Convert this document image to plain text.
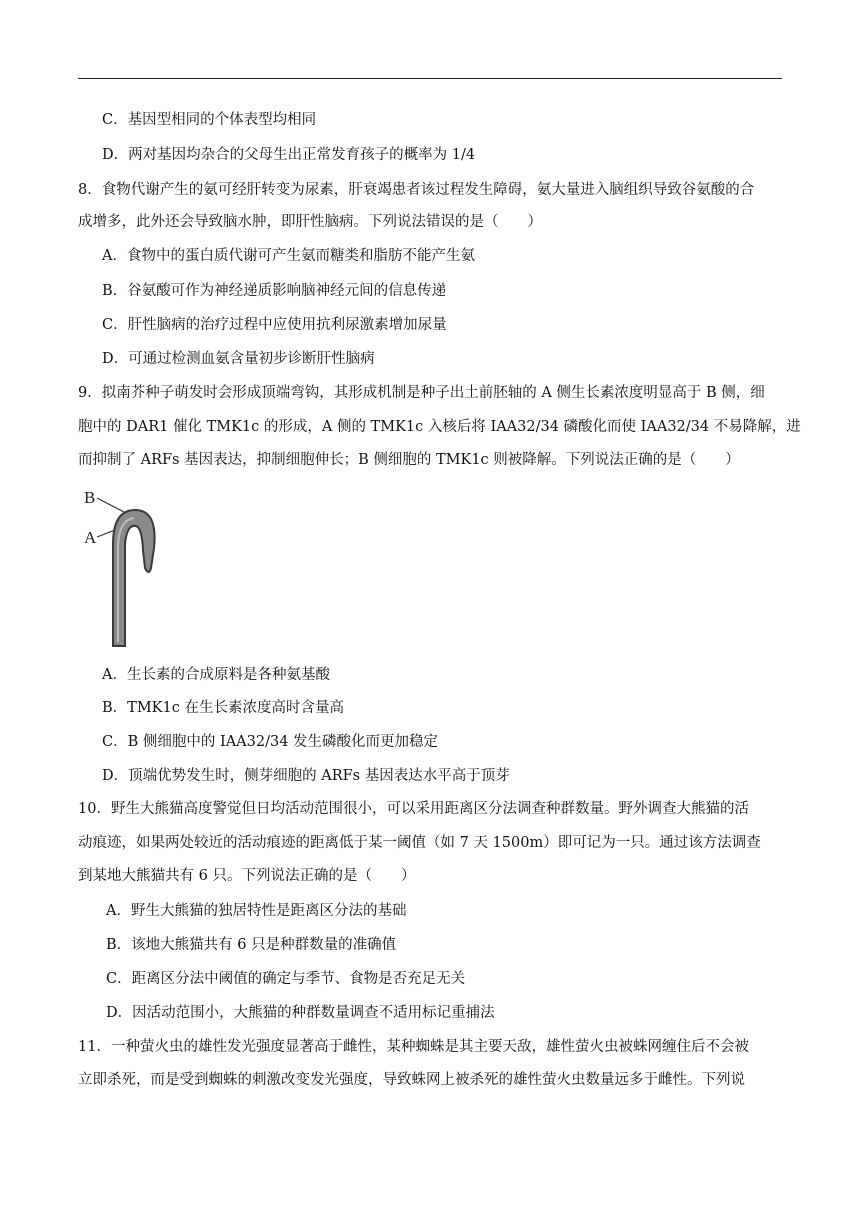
C．基因型相同的个体表型均相同
D．两对基因均杂合的父母生出正常发育孩子的概率为 1/4
8．食物代谢产生的氨可经肝转变为尿素，肝衰竭患者该过程发生障碍，氨大量进入脑组织导致谷氨酸的合
成增多，此外还会导致脑水肿，即肝性脑病。下列说法错误的是（　　）
A．食物中的蛋白质代谢可产生氨而糖类和脂肪不能产生氨
B．谷氨酸可作为神经递质影响脑神经元间的信息传递
C．肝性脑病的治疗过程中应使用抗利尿激素增加尿量
D．可通过检测血氨含量初步诊断肝性脑病
9．拟南芥种子萌发时会形成顶端弯钩，其形成机制是种子出土前胚轴的 A 侧生长素浓度明显高于 B 侧，细
胞中的 DAR1 催化 TMK1c 的形成，A 侧的 TMK1c 入核后将 IAA32/34 磷酸化而使 IAA32/34 不易降解，进
而抑制了 ARFs 基因表达，抑制细胞伸长；B 侧细胞的 TMK1c 则被降解。下列说法正确的是（　　）
B
A
A．生长素的合成原料是各种氨基酸
B．TMK1c 在生长素浓度高时含量高
C．B 侧细胞中的 IAA32/34 发生磷酸化而更加稳定
D．顶端优势发生时，侧芽细胞的 ARFs 基因表达水平高于顶芽
10．野生大熊猫高度警觉但日均活动范围很小，可以采用距离区分法调查种群数量。野外调查大熊猫的活
动痕迹，如果两处较近的活动痕迹的距离低于某一阈值（如 7 天 1500m）即可记为一只。通过该方法调查
到某地大熊猫共有 6 只。下列说法正确的是（　　）
A．野生大熊猫的独居特性是距离区分法的基础
B．该地大熊猫共有 6 只是种群数量的准确值
C．距离区分法中阈值的确定与季节、食物是否充足无关
D．因活动范围小，大熊猫的种群数量调查不适用标记重捕法
11．一种萤火虫的雄性发光强度显著高于雌性，某种蜘蛛是其主要天敌，雄性萤火虫被蛛网缠住后不会被
立即杀死，而是受到蜘蛛的刺激改变发光强度，导致蛛网上被杀死的雄性萤火虫数量远多于雌性。下列说
